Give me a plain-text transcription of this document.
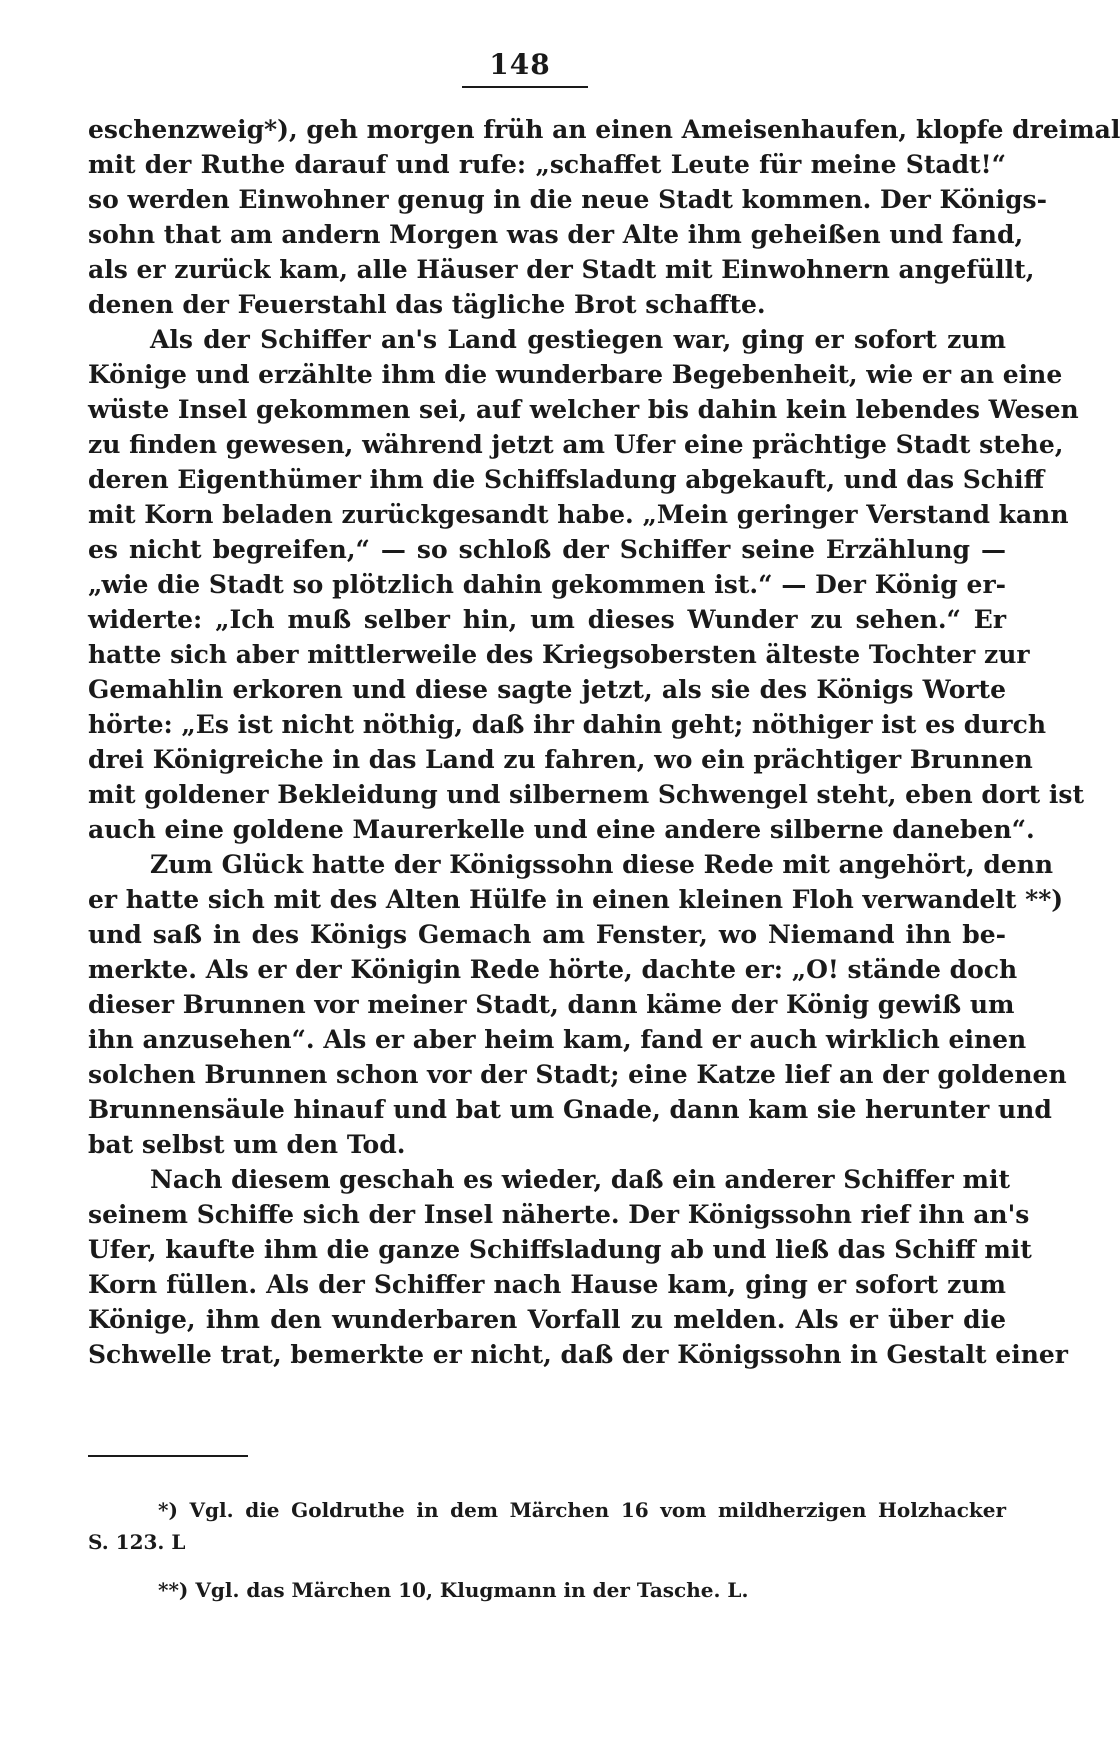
148
eschenzweig*), geh morgen früh an einen Ameisenhaufen, klopfe dreimal
mit der Ruthe darauf und rufe: „schaffet Leute für meine Stadt!“
so werden Einwohner genug in die neue Stadt kommen. Der Königs-
sohn that am andern Morgen was der Alte ihm geheißen und fand,
als er zurück kam, alle Häuser der Stadt mit Einwohnern angefüllt,
denen der Feuerstahl das tägliche Brot schaffte.
Als der Schiffer an's Land gestiegen war, ging er sofort zum
Könige und erzählte ihm die wunderbare Begebenheit, wie er an eine
wüste Insel gekommen sei, auf welcher bis dahin kein lebendes Wesen
zu finden gewesen, während jetzt am Ufer eine prächtige Stadt stehe,
deren Eigenthümer ihm die Schiffsladung abgekauft, und das Schiff
mit Korn beladen zurückgesandt habe. „Mein geringer Verstand kann
es nicht begreifen,“ — so schloß der Schiffer seine Erzählung —
„wie die Stadt so plötzlich dahin gekommen ist.“ — Der König er-
widerte: „Ich muß selber hin, um dieses Wunder zu sehen.“ Er
hatte sich aber mittlerweile des Kriegsobersten älteste Tochter zur
Gemahlin erkoren und diese sagte jetzt, als sie des Königs Worte
hörte: „Es ist nicht nöthig, daß ihr dahin geht; nöthiger ist es durch
drei Königreiche in das Land zu fahren, wo ein prächtiger Brunnen
mit goldener Bekleidung und silbernem Schwengel steht, eben dort ist
auch eine goldene Maurerkelle und eine andere silberne daneben“.
Zum Glück hatte der Königssohn diese Rede mit angehört, denn
er hatte sich mit des Alten Hülfe in einen kleinen Floh verwandelt **)
und saß in des Königs Gemach am Fenster, wo Niemand ihn be-
merkte. Als er der Königin Rede hörte, dachte er: „O! stände doch
dieser Brunnen vor meiner Stadt, dann käme der König gewiß um
ihn anzusehen“. Als er aber heim kam, fand er auch wirklich einen
solchen Brunnen schon vor der Stadt; eine Katze lief an der goldenen
Brunnensäule hinauf und bat um Gnade, dann kam sie herunter und
bat selbst um den Tod.
Nach diesem geschah es wieder, daß ein anderer Schiffer mit
seinem Schiffe sich der Insel näherte. Der Königssohn rief ihn an's
Ufer, kaufte ihm die ganze Schiffsladung ab und ließ das Schiff mit
Korn füllen. Als der Schiffer nach Hause kam, ging er sofort zum
Könige, ihm den wunderbaren Vorfall zu melden. Als er über die
Schwelle trat, bemerkte er nicht, daß der Königssohn in Gestalt einer
*) Vgl. die Goldruthe in dem Märchen 16 vom mildherzigen Holzhacker
S. 123. L
**) Vgl. das Märchen 10, Klugmann in der Tasche. L.
